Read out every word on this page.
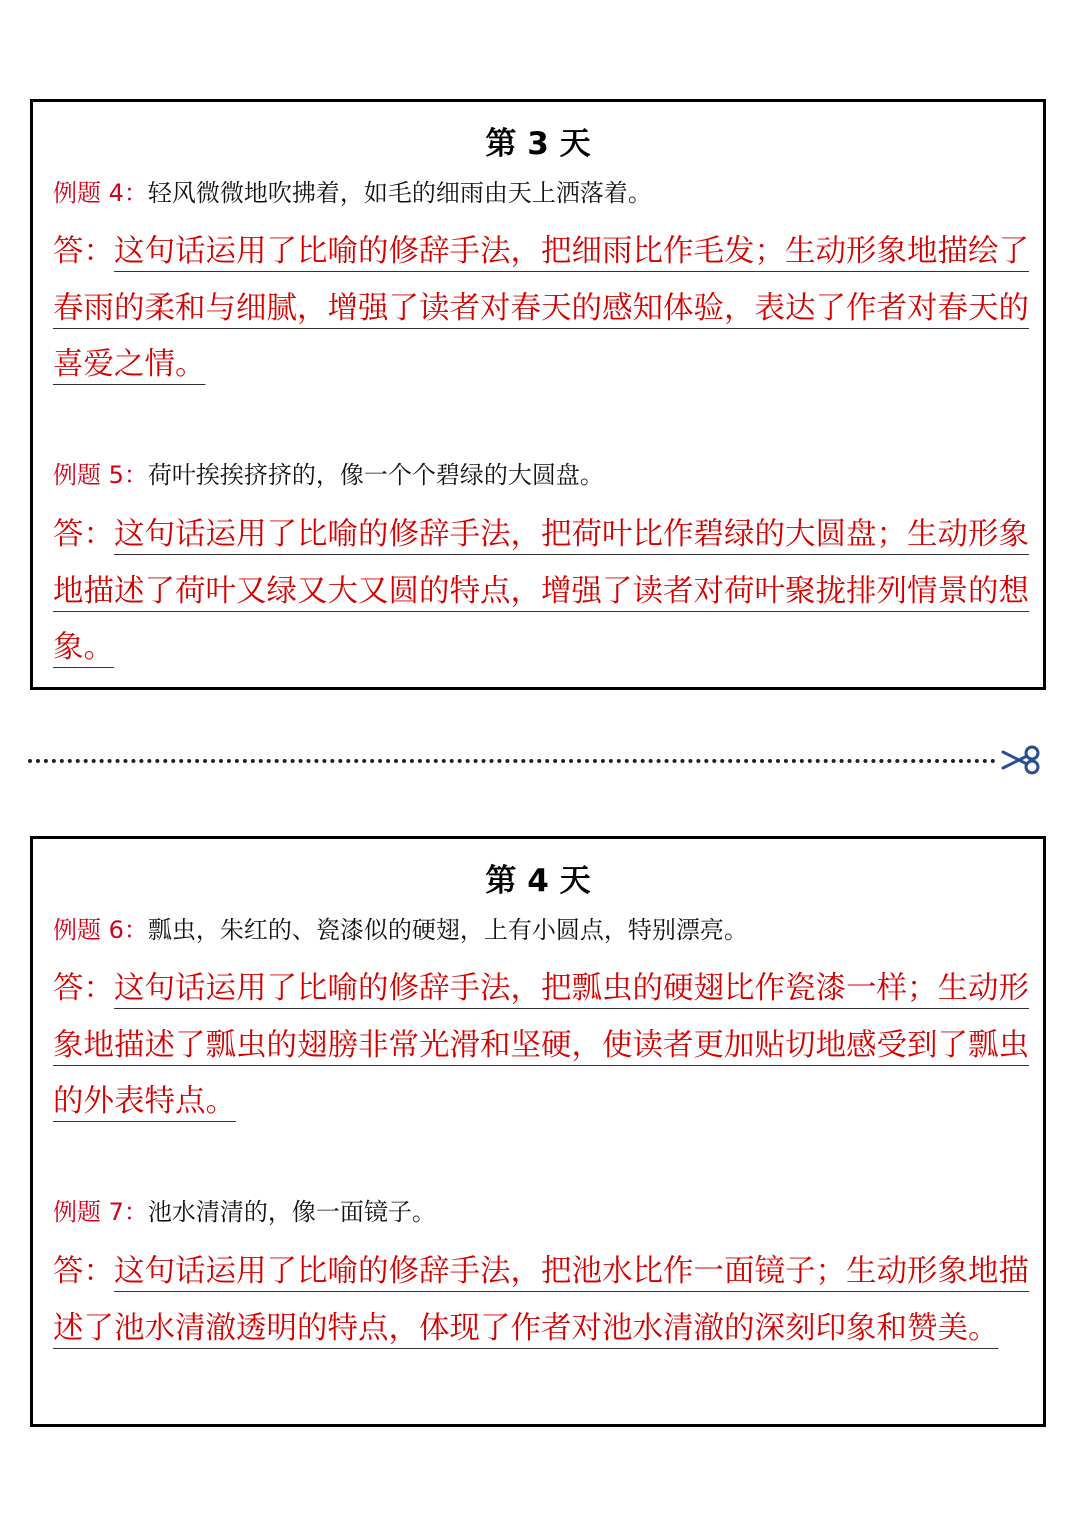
第 3 天
例题 4：轻风微微地吹拂着，如毛的细雨由天上洒落着。
答：这句话运用了比喻的修辞手法，把细雨比作毛发；生动形象地描绘了春雨的柔和与细腻，增强了读者对春天的感知体验，表达了作者对春天的喜爱之情。
例题 5：荷叶挨挨挤挤的，像一个个碧绿的大圆盘。
答：这句话运用了比喻的修辞手法，把荷叶比作碧绿的大圆盘；生动形象地描述了荷叶又绿又大又圆的特点，增强了读者对荷叶聚拢排列情景的想象。
第 4 天
例题 6：瓢虫，朱红的、瓷漆似的硬翅，上有小圆点，特别漂亮。
答：这句话运用了比喻的修辞手法，把瓢虫的硬翅比作瓷漆一样；生动形象地描述了瓢虫的翅膀非常光滑和坚硬，使读者更加贴切地感受到了瓢虫的外表特点。
例题 7：池水清清的，像一面镜子。
答：这句话运用了比喻的修辞手法，把池水比作一面镜子；生动形象地描述了池水清澈透明的特点，体现了作者对池水清澈的深刻印象和赞美。
